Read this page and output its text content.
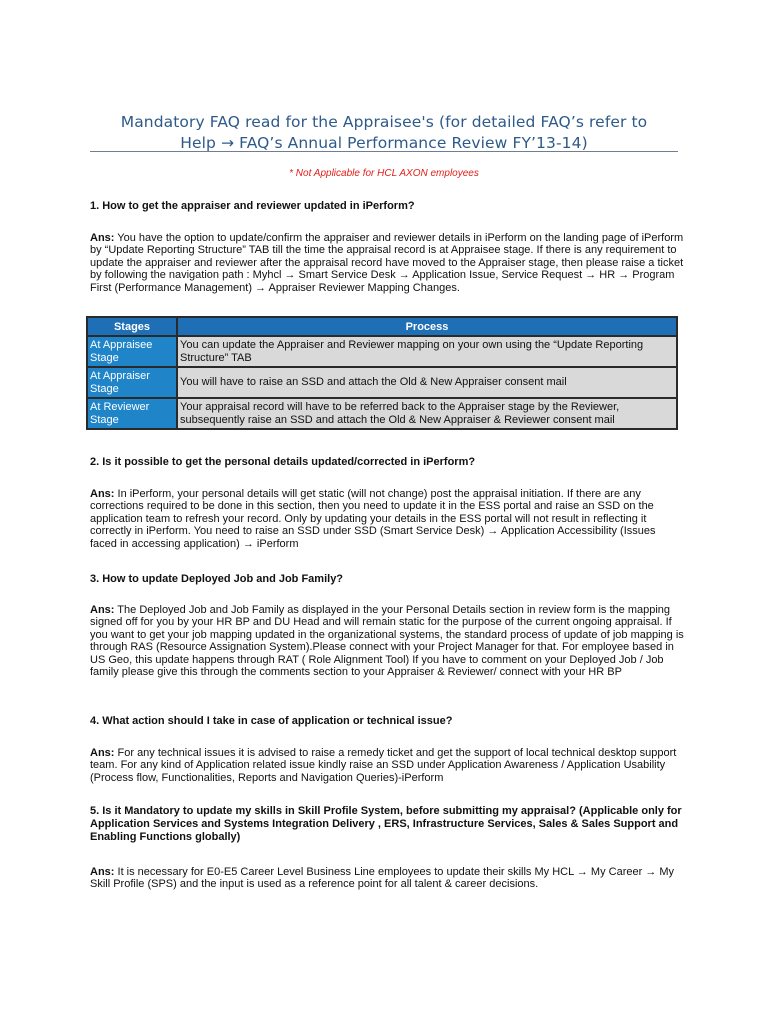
Mandatory FAQ read for the Appraisee's (for detailed FAQ’s refer to
Help → FAQ’s Annual Performance Review FY’13-14)
* Not Applicable for HCL AXON employees
1. How to get the appraiser and reviewer updated in iPerform?
Ans: You have the option to update/confirm the appraiser and reviewer details in iPerform on the landing page of iPerform by “Update Reporting Structure” TAB till the time the appraisal record is at Appraisee stage. If there is any requirement to update the appraiser and reviewer after the appraisal record have moved to the Appraiser stage, then please raise a ticket by following the navigation path : Myhcl → Smart Service Desk → Application Issue, Service Request → HR → Program First (Performance Management) → Appraiser Reviewer Mapping Changes.
Stages	Process
At Appraisee Stage	You can update the Appraiser and Reviewer mapping on your own using the “Update Reporting Structure” TAB
At Appraiser Stage	You will have to raise an SSD and attach the Old & New Appraiser consent mail
At Reviewer Stage	Your appraisal record will have to be referred back to the Appraiser stage by the Reviewer, subsequently raise an SSD and attach the Old & New Appraiser & Reviewer consent mail
2. Is it possible to get the personal details updated/corrected in iPerform?
Ans: In iPerform, your personal details will get static (will not change) post the appraisal initiation. If there are any corrections required to be done in this section, then you need to update it in the ESS portal and raise an SSD on the application team to refresh your record. Only by updating your details in the ESS portal will not result in reflecting it correctly in iPerform. You need to raise an SSD under SSD (Smart Service Desk) → Application Accessibility (Issues faced in accessing application) → iPerform
3. How to update Deployed Job and Job Family?
Ans: The Deployed Job and Job Family as displayed in the your Personal Details section in review form is the mapping signed off for you by your HR BP and DU Head and will remain static for the purpose of the current ongoing appraisal. If you want to get your job mapping updated in the organizational systems, the standard process of update of job mapping is through RAS (Resource Assignation System).Please connect with your Project Manager for that. For employee based in US Geo, this update happens through RAT ( Role Alignment Tool) If you have to comment on your Deployed Job / Job family please give this through the comments section to your Appraiser & Reviewer/ connect with your HR BP
4. What action should I take in case of application or technical issue?
Ans: For any technical issues it is advised to raise a remedy ticket and get the support of local technical desktop support team. For any kind of Application related issue kindly raise an SSD under Application Awareness / Application Usability (Process flow, Functionalities, Reports and Navigation Queries)-iPerform
5. Is it Mandatory to update my skills in Skill Profile System, before submitting my appraisal? (Applicable only for Application Services and Systems Integration Delivery , ERS, Infrastructure Services, Sales & Sales Support and Enabling Functions globally)
Ans: It is necessary for E0-E5 Career Level Business Line employees to update their skills My HCL → My Career → My Skill Profile (SPS) and the input is used as a reference point for all talent & career decisions.
